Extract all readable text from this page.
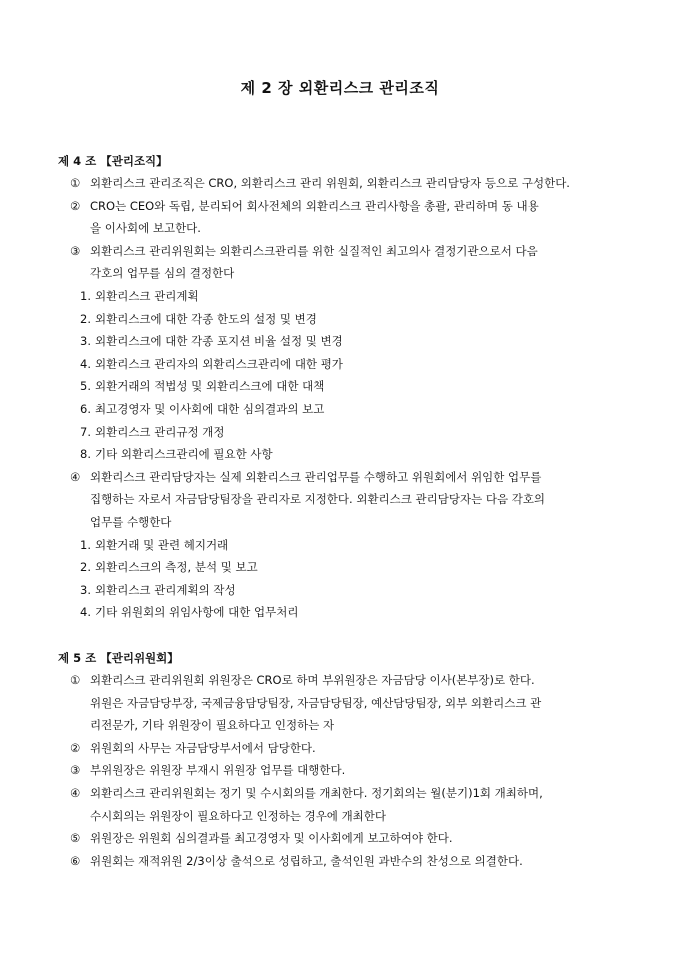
제 2 장 외환리스크 관리조직
제 4 조 【관리조직】
① 외환리스크 관리조직은 CRO, 외환리스크 관리 위원회, 외환리스크 관리담당자 등으로 구성한다.
② CRO는 CEO와 독립, 분리되어 회사전체의 외환리스크 관리사항을 총괄, 관리하며 동 내용
을 이사회에 보고한다.
③ 외환리스크 관리위원회는 외환리스크관리를 위한 실질적인 최고의사 결정기관으로서 다음
각호의 업무를 심의 결정한다
1. 외환리스크 관리계획
2. 외환리스크에 대한 각종 한도의 설정 및 변경
3. 외환리스크에 대한 각종 포지션 비율 설정 및 변경
4. 외환리스크 관리자의 외환리스크관리에 대한 평가
5. 외환거래의 적법성 및 외환리스크에 대한 대책
6. 최고경영자 및 이사회에 대한 심의결과의 보고
7. 외환리스크 관리규정 개정
8. 기타 외환리스크관리에 필요한 사항
④ 외환리스크 관리담당자는 실제 외환리스크 관리업무를 수행하고 위원회에서 위임한 업무를
집행하는 자로서 자금담당팀장을 관리자로 지정한다. 외환리스크 관리담당자는 다음 각호의
업무를 수행한다
1. 외환거래 및 관련 헤지거래
2. 외환리스크의 측정, 분석 및 보고
3. 외환리스크 관리계획의 작성
4. 기타 위원회의 위임사항에 대한 업무처리
제 5 조 【관리위원회】
① 외환리스크 관리위원회 위원장은 CRO로 하며 부위원장은 자금담당 이사(본부장)로 한다.
위원은 자금담당부장, 국제금융담당팀장, 자금담당팀장, 예산담당팀장, 외부 외환리스크 관
리전문가, 기타 위원장이 필요하다고 인정하는 자
② 위원회의 사무는 자금담당부서에서 담당한다.
③ 부위원장은 위원장 부재시 위원장 업무를 대행한다.
④ 외환리스크 관리위원회는 정기 및 수시회의를 개최한다. 정기회의는 월(분기)1회 개최하며,
수시회의는 위원장이 필요하다고 인정하는 경우에 개최한다
⑤ 위원장은 위원회 심의결과를 최고경영자 및 이사회에게 보고하여야 한다.
⑥ 위원회는 재적위원 2/3이상 출석으로 성립하고, 출석인원 과반수의 찬성으로 의결한다.
